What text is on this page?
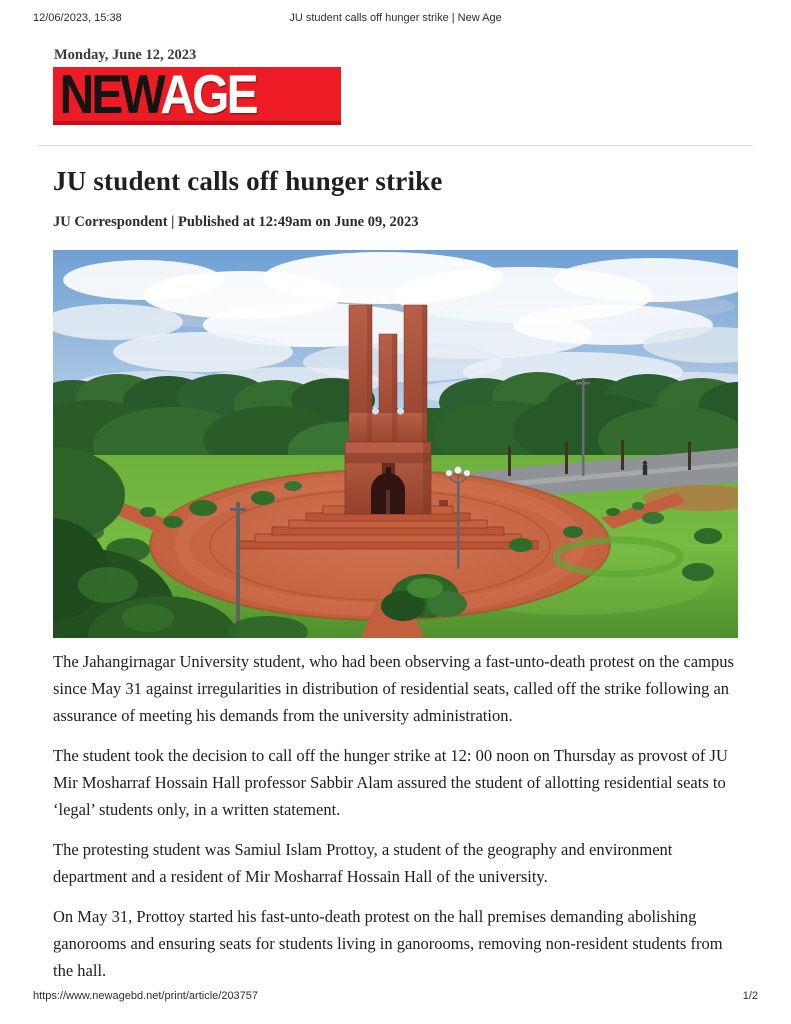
12/06/2023, 15:38	JU student calls off hunger strike | New Age
Monday, June 12, 2023
NEWAGE
JU student calls off hunger strike
JU Correspondent | Published at 12:49am on June 09, 2023

The Jahangirnagar University student, who had been observing a fast-unto-death protest on the campus since May 31 against irregularities in distribution of residential seats, called off the strike following an assurance of meeting his demands from the university administration.

The student took the decision to call off the hunger strike at 12: 00 noon on Thursday as provost of JU Mir Mosharraf Hossain Hall professor Sabbir Alam assured the student of allotting residential seats to ‘legal’ students only, in a written statement.

The protesting student was Samiul Islam Prottoy, a student of the geography and environment department and a resident of Mir Mosharraf Hossain Hall of the university.

On May 31, Prottoy started his fast-unto-death protest on the hall premises demanding abolishing ganorooms and ensuring seats for students living in ganorooms, removing non-resident students from the hall.

https://www.newagebd.net/print/article/203757	1/2
